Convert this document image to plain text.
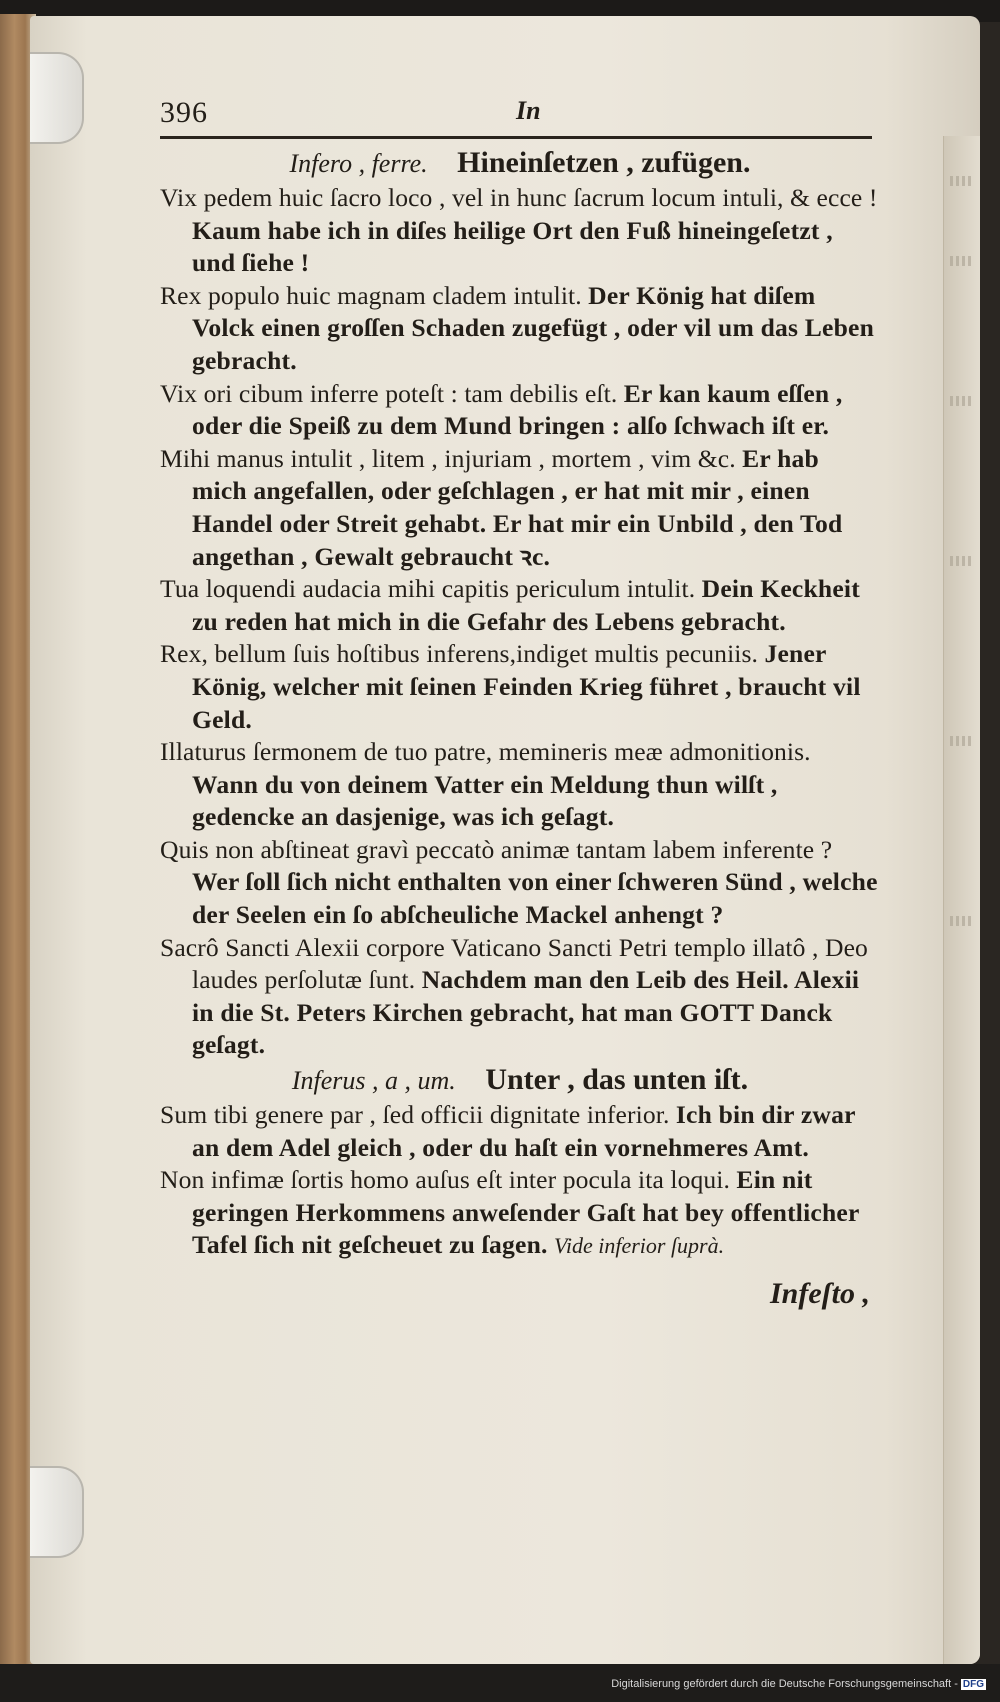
396	In

Infero , ferre. Hineinſetzen , zufügen.

Vix pedem huic ſacro loco , vel in hunc ſacrum locum intuli, & ecce ! Kaum habe ich in diſes heilige Ort den Fuß hineingeſetzt , und ſiehe !

Rex populo huic magnam cladem intulit. Der König hat diſem Volck einen groſſen Schaden zugefügt , oder vil um das Leben gebracht.

Vix ori cibum inferre poteſt : tam debilis eſt. Er kan kaum eſſen , oder die Speiß zu dem Mund bringen : alſo ſchwach iſt er.

Mihi manus intulit , litem , injuriam , mortem , vim &c. Er hab mich angefallen, oder geſchlagen , er hat mit mir , einen Handel oder Streit gehabt. Er hat mir ein Unbild , den Tod angethan , Gewalt gebraucht ꝛc.

Tua loquendi audacia mihi capitis periculum intulit. Dein Keckheit zu reden hat mich in die Gefahr des Lebens gebracht.

Rex, bellum ſuis hoſtibus inferens,indiget multis pecuniis. Jener König, welcher mit ſeinen Feinden Krieg führet , braucht vil Geld.

Illaturus ſermonem de tuo patre, memineris meæ admonitionis. Wann du von deinem Vatter ein Meldung thun wilſt , gedencke an dasjenige, was ich geſagt.

Quis non abſtineat gravì peccatò animæ tantam labem inferente ? Wer ſoll ſich nicht enthalten von einer ſchweren Sünd , welche der Seelen ein ſo abſcheuliche Mackel anhengt ?

Sacrô Sancti Alexii corpore Vaticano Sancti Petri templo illatô , Deo laudes perſolutæ ſunt. Nachdem man den Leib des Heil. Alexii in die St. Peters Kirchen gebracht, hat man GOTT Danck geſagt.

Inferus , a , um. Unter , das unten iſt.

Sum tibi genere par , ſed officii dignitate inferior. Ich bin dir zwar an dem Adel gleich , oder du haſt ein vornehmeres Amt.

Non infimæ ſortis homo auſus eſt inter pocula ita loqui. Ein nit geringen Herkommens anweſender Gaſt hat bey offentlicher Tafel ſich nit geſcheuet zu ſagen. Vide inferior ſuprà.

Infeſto ,
Digitalisierung gefördert durch die Deutsche Forschungsgemeinschaft - DFG
